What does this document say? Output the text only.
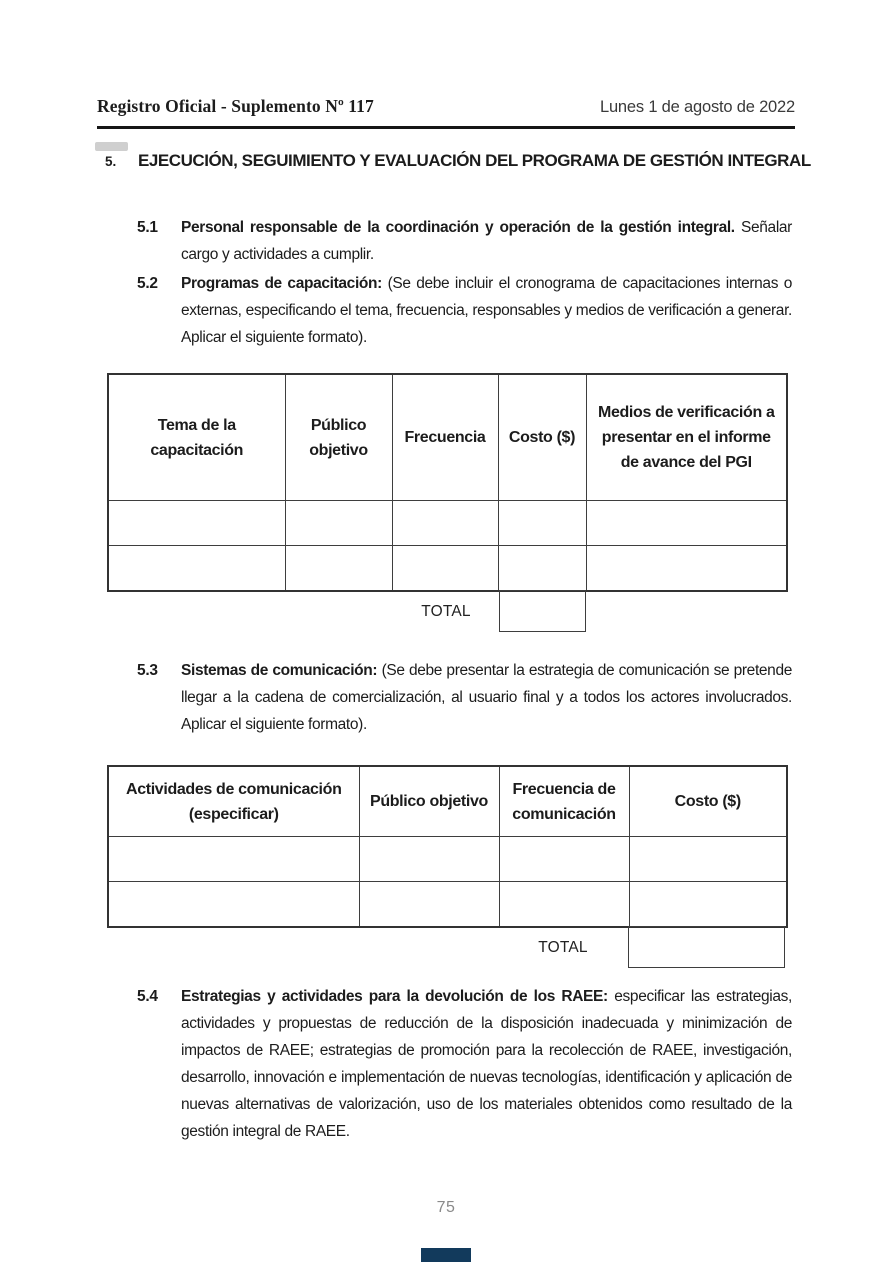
Registro Oficial - Suplemento Nº 117	Lunes 1 de agosto de 2022
5.	EJECUCIÓN, SEGUIMIENTO Y EVALUACIÓN DEL PROGRAMA DE GESTIÓN INTEGRAL
5.1	Personal responsable de la coordinación y operación de la gestión integral. Señalar cargo y actividades a cumplir.
5.2	Programas de capacitación: (Se debe incluir el cronograma de capacitaciones internas o externas, especificando el tema, frecuencia, responsables y medios de verificación a generar. Aplicar el siguiente formato).
Tema de la capacitación	Público objetivo	Frecuencia	Costo ($)	Medios de verificación a presentar en el informe de avance del PGI

TOTAL
5.3	Sistemas de comunicación: (Se debe presentar la estrategia de comunicación se pretende llegar a la cadena de comercialización, al usuario final y a todos los actores involucrados. Aplicar el siguiente formato).
Actividades de comunicación (especificar)	Público objetivo	Frecuencia de comunicación	Costo ($)

TOTAL
5.4	Estrategias y actividades para la devolución de los RAEE: especificar las estrategias, actividades y propuestas de reducción de la disposición inadecuada y minimización de impactos de RAEE; estrategias de promoción para la recolección de RAEE, investigación, desarrollo, innovación e implementación de nuevas tecnologías, identificación y aplicación de nuevas alternativas de valorización, uso de los materiales obtenidos como resultado de la gestión integral de RAEE.
75
